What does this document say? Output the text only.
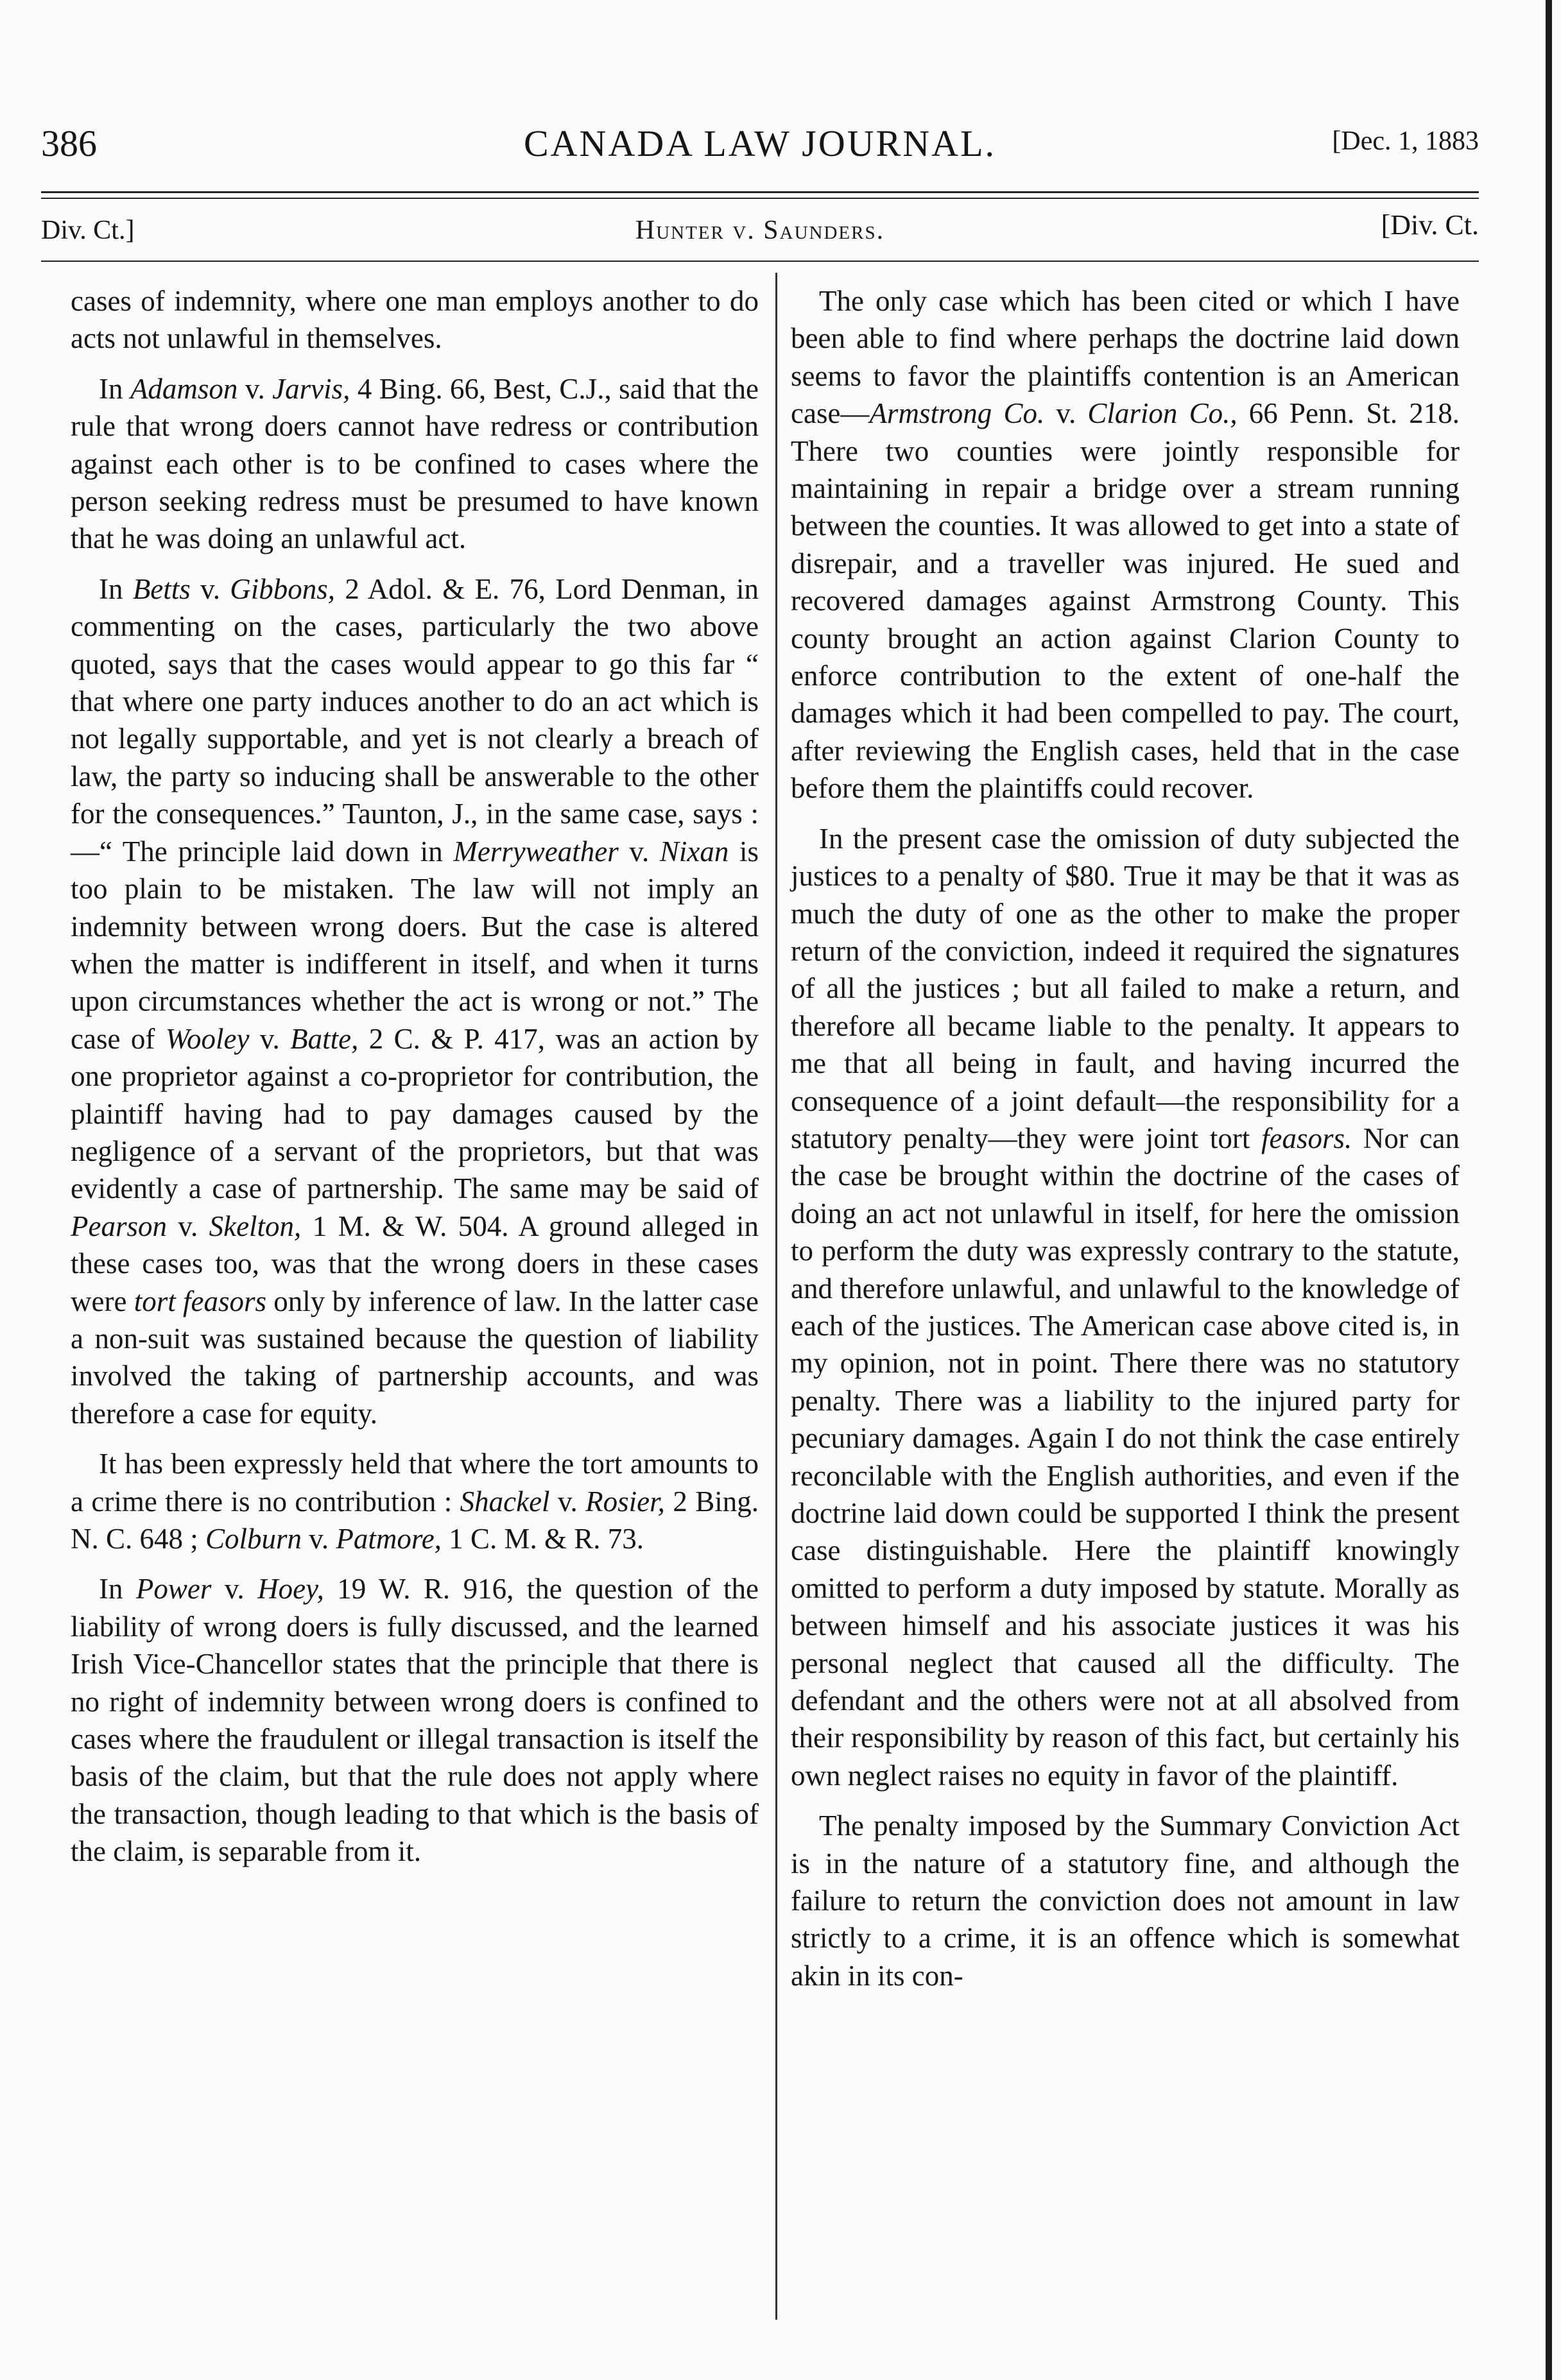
386	CANADA LAW JOURNAL.	[Dec. 1, 1883
Div. Ct.]	Hunter v. Saunders.	[Div. Ct.

cases of indemnity, where one man employs another to do acts not unlawful in themselves.

In Adamson v. Jarvis, 4 Bing. 66, Best, C.J., said that the rule that wrong doers cannot have redress or contribution against each other is to be confined to cases where the person seeking redress must be presumed to have known that he was doing an unlawful act.

In Betts v. Gibbons, 2 Adol. & E. 76, Lord Denman, in commenting on the cases, particularly the two above quoted, says that the cases would appear to go this far “ that where one party induces another to do an act which is not legally supportable, and yet is not clearly a breach of law, the party so inducing shall be answerable to the other for the consequences.” Taunton, J., in the same case, says :—“ The principle laid down in Merryweather v. Nixan is too plain to be mistaken. The law will not imply an indemnity between wrong doers. But the case is altered when the matter is indifferent in itself, and when it turns upon circumstances whether the act is wrong or not.” The case of Wooley v. Batte, 2 C. & P. 417, was an action by one proprietor against a co-proprietor for contribution, the plaintiff having had to pay damages caused by the negligence of a servant of the proprietors, but that was evidently a case of partnership. The same may be said of Pearson v. Skelton, 1 M. & W. 504. A ground alleged in these cases too, was that the wrong doers in these cases were tort feasors only by inference of law. In the latter case a non-suit was sustained because the question of liability involved the taking of partnership accounts, and was therefore a case for equity.

It has been expressly held that where the tort amounts to a crime there is no contribution : Shackel v. Rosier, 2 Bing. N. C. 648 ; Colburn v. Patmore, 1 C. M. & R. 73.

In Power v. Hoey, 19 W. R. 916, the question of the liability of wrong doers is fully discussed, and the learned Irish Vice-Chancellor states that the principle that there is no right of indemnity between wrong doers is confined to cases where the fraudulent or illegal transaction is itself the basis of the claim, but that the rule does not apply where the transaction, though leading to that which is the basis of the claim, is separable from it.

The only case which has been cited or which I have been able to find where perhaps the doctrine laid down seems to favor the plaintiffs contention is an American case—Armstrong Co. v. Clarion Co., 66 Penn. St. 218. There two counties were jointly responsible for maintaining in repair a bridge over a stream running between the counties. It was allowed to get into a state of disrepair, and a traveller was injured. He sued and recovered damages against Armstrong County. This county brought an action against Clarion County to enforce contribution to the extent of one-half the damages which it had been compelled to pay. The court, after reviewing the English cases, held that in the case before them the plaintiffs could recover.

In the present case the omission of duty subjected the justices to a penalty of $80. True it may be that it was as much the duty of one as the other to make the proper return of the conviction, indeed it required the signatures of all the justices ; but all failed to make a return, and therefore all became liable to the penalty. It appears to me that all being in fault, and having incurred the consequence of a joint default—the responsibility for a statutory penalty—they were joint tort feasors. Nor can the case be brought within the doctrine of the cases of doing an act not unlawful in itself, for here the omission to perform the duty was expressly contrary to the statute, and therefore unlawful, and unlawful to the knowledge of each of the justices. The American case above cited is, in my opinion, not in point. There there was no statutory penalty. There was a liability to the injured party for pecuniary damages. Again I do not think the case entirely reconcilable with the English authorities, and even if the doctrine laid down could be supported I think the present case distinguishable. Here the plaintiff knowingly omitted to perform a duty imposed by statute. Morally as between himself and his associate justices it was his personal neglect that caused all the difficulty. The defendant and the others were not at all absolved from their responsibility by reason of this fact, but certainly his own neglect raises no equity in favor of the plaintiff.

The penalty imposed by the Summary Conviction Act is in the nature of a statutory fine, and although the failure to return the conviction does not amount in law strictly to a crime, it is an offence which is somewhat akin in its con-
